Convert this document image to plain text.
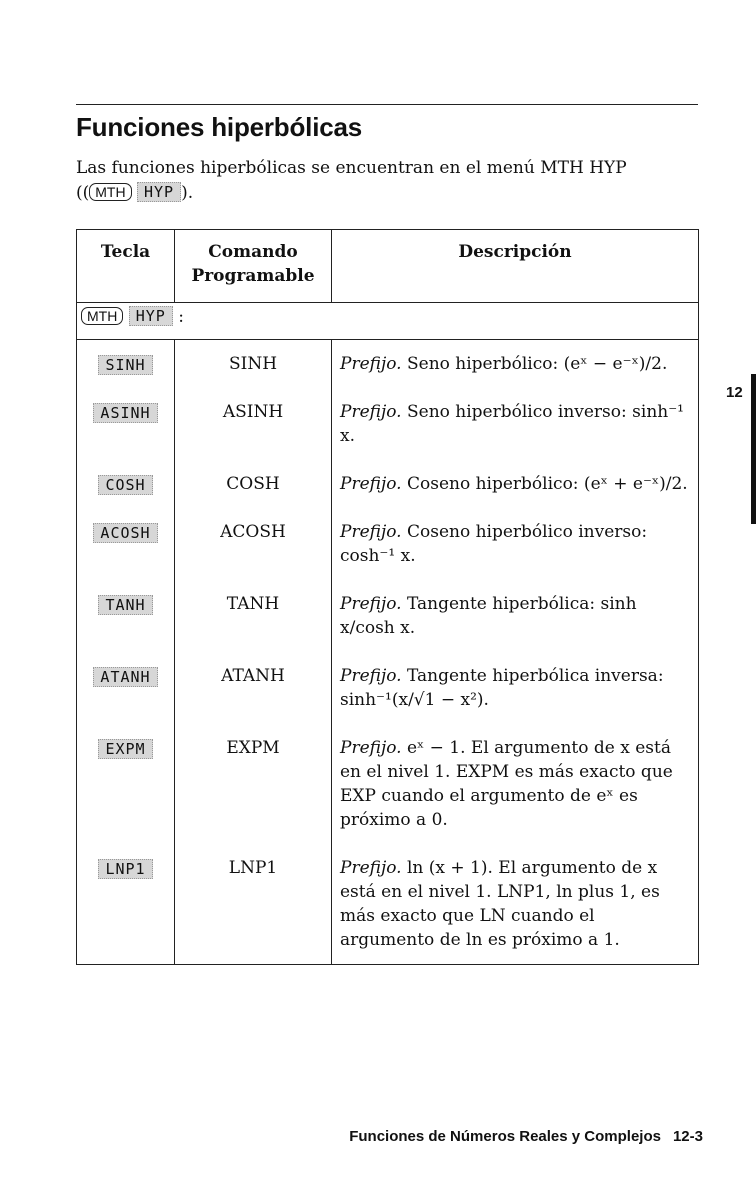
Funciones hiperbólicas
Las funciones hiperbólicas se encuentran en el menú MTH HYP
(( MTH HYP ).
Tecla	Comando Programable	Descripción
MTH HYP :		
SINH	SINH	Prefijo. Seno hiperbólico: (eˣ − e⁻ˣ)/2.
ASINH	ASINH	Prefijo. Seno hiperbólico inverso: sinh⁻¹ x.
COSH	COSH	Prefijo. Coseno hiperbólico: (eˣ + e⁻ˣ)/2.
ACOSH	ACOSH	Prefijo. Coseno hiperbólico inverso: cosh⁻¹ x.
TANH	TANH	Prefijo. Tangente hiperbólica: sinh x/cosh x.
ATANH	ATANH	Prefijo. Tangente hiperbólica inversa: sinh⁻¹(x/√1 − x²).
EXPM	EXPM	Prefijo. eˣ − 1. El argumento de x está en el nivel 1. EXPM es más exacto que EXP cuando el argumento de eˣ es próximo a 0.
LNP1	LNP1	Prefijo. ln (x + 1). El argumento de x está en el nivel 1. LNP1, ln plus 1, es más exacto que LN cuando el argumento de ln es próximo a 1.
12
Funciones de Números Reales y Complejos 12-3
